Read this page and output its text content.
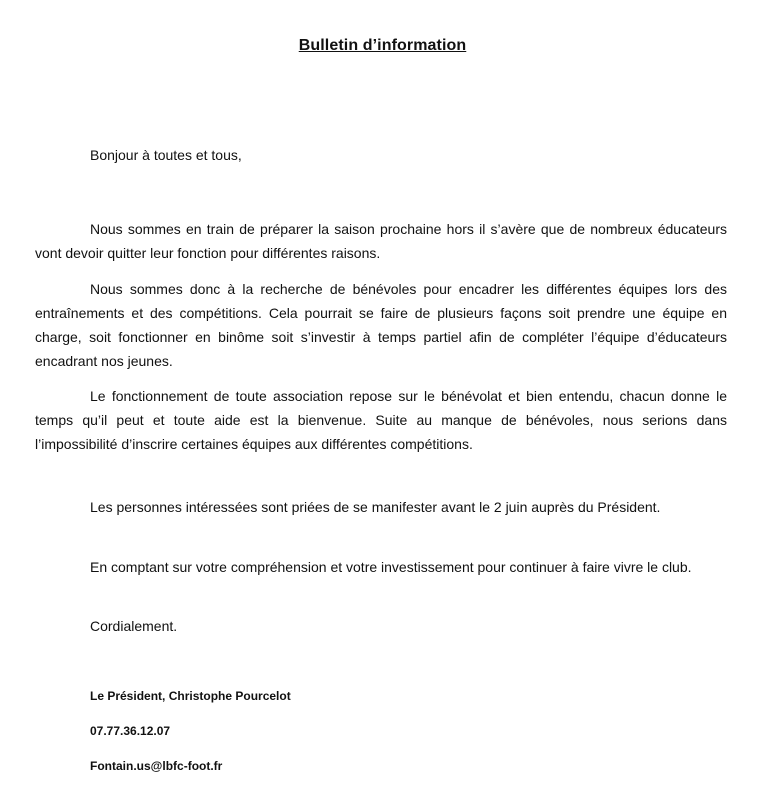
Bulletin d’information
Bonjour à toutes et tous,

Nous sommes en train de préparer la saison prochaine hors il s’avère que de nombreux éducateurs vont devoir quitter leur fonction pour différentes raisons.

Nous sommes donc à la recherche de bénévoles pour encadrer les différentes équipes lors des entraînements et des compétitions. Cela pourrait se faire de plusieurs façons soit prendre une équipe en charge, soit fonctionner en binôme soit s’investir à temps partiel afin de compléter l’équipe d’éducateurs encadrant nos jeunes.

Le fonctionnement de toute association repose sur le bénévolat et bien entendu, chacun donne le temps qu’il peut et toute aide est la bienvenue. Suite au manque de bénévoles, nous serions dans l’impossibilité d’inscrire certaines équipes aux différentes compétitions.

Les personnes intéressées sont priées de se manifester avant le 2 juin auprès du Président.

En comptant sur votre compréhension et votre investissement pour continuer à faire vivre le club.

Cordialement.
Le Président, Christophe Pourcelot
07.77.36.12.07
Fontain.us@lbfc-foot.fr
